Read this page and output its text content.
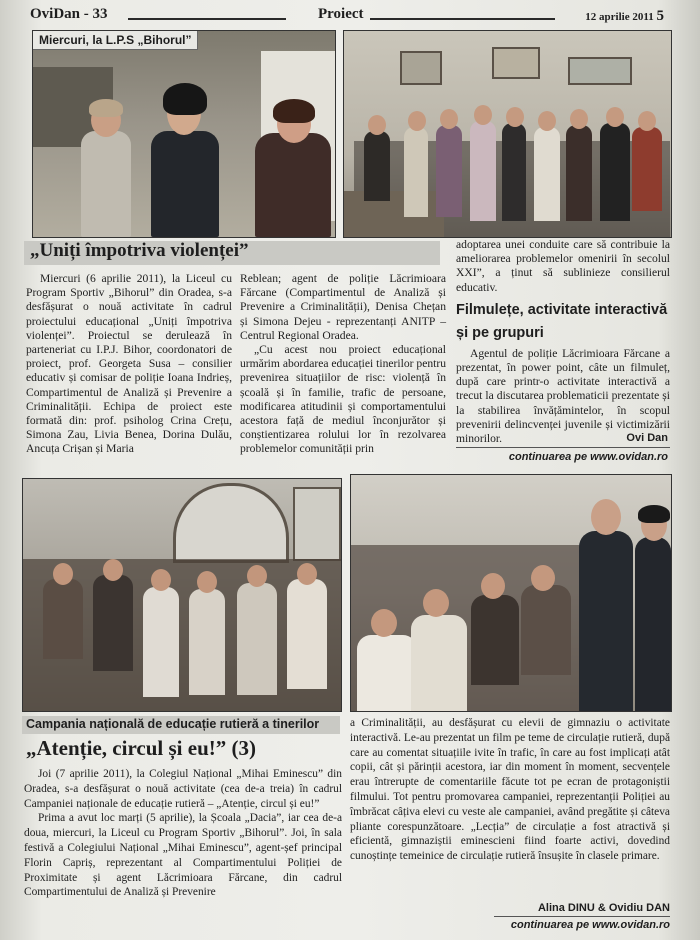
OviDan - 33	Proiect	12 aprilie 2011 5
Miercuri, la L.P.S „Bihorul”
„Uniți împotriva violenței”

Miercuri (6 aprilie 2011), la Liceul cu Program Sportiv „Bihorul” din Oradea, s-a desfășurat o nouă activitate în cadrul proiectului educațional „Uniți împotriva violenței”. Proiectul se derulează în parteneriat cu I.P.J. Bihor, coordonatori de proiect, prof. Georgeta Susa – consilier educativ și comisar de poliție Ioana Indrieș, Compartimentul de Analiză și Prevenire a Criminalității. Echipa de proiect este formată din: prof. psiholog Crina Crețu, Simona Zau, Livia Benea, Dorina Dulău, Ancuța Crișan și Maria

Reblean; agent de poliție Lăcrimioara Fărcane (Compartimentul de Analiză și Prevenire a Criminalității), Denisa Chețan și Simona Dejeu - reprezentanți ANITP – Centrul Regional Oradea.

„Cu acest nou proiect educațional urmărim abordarea educației tinerilor pentru prevenirea situațiilor de risc: violență în școală și în familie, trafic de persoane, modificarea atitudinii și comportamentului acestora față de mediul înconjurător și conștientizarea rolului lor în rezolvarea problemelor comunității prin

adoptarea unei conduite care să contribuie la ameliorarea problemelor omenirii în secolul XXI”, a ținut să sublinieze consilierul educativ.

Filmulețe, activitate interactivă și pe grupuri

Agentul de poliție Lăcrimioara Fărcane a prezentat, în power point, câte un filmuleț, după care printr-o activitate interactivă a trecut la discutarea problematicii prezentate și la stabilirea învățămintelor, în scopul prevenirii delincvenței juvenile și victimizării minorilor.	Ovi Dan
continuarea pe www.ovidan.ro
Campania națională de educație rutieră a tinerilor
„Atenție, circul și eu!” (3)

Joi (7 aprilie 2011), la Colegiul Național „Mihai Eminescu” din Oradea, s-a desfășurat o nouă activitate (cea de-a treia) în cadrul Campaniei naționale de educație rutieră – „Atenție, circul și eu!”

Prima a avut loc marți (5 aprilie), la Școala „Dacia”, iar cea de-a doua, miercuri, la Liceul cu Program Sportiv „Bihorul”. Joi, în sala festivă a Colegiului Național „Mihai Eminescu”, agent-șef principal Florin Capriș, reprezentant al Compartimentului Poliției de Proximitate și agent Lăcrimioara Fărcane, din cadrul Compartimentului de Analiză și Prevenire

a Criminalității, au desfășurat cu elevii de gimnaziu o activitate interactivă. Le-au prezentat un film pe teme de circulație rutieră, după care au comentat situațiile ivite în trafic, în care au fost implicați atât copii, cât și părinții acestora, iar din moment în moment, secvențele erau întrerupte de comentariile făcute tot pe ecran de protagoniștii filmului. Tot pentru promovarea campaniei, reprezentanții Poliției au îmbrăcat câțiva elevi cu veste ale campaniei, având pregătite și câteva pliante corespunzătoare. „Lecția” de circulație a fost atractivă și eficientă, gimnaziștii eminescieni fiind foarte activi, dovedind cunoștințe temeinice de circulație rutieră însușite în clasele primare.

Alina DINU & Ovidiu DAN
continuarea pe www.ovidan.ro
